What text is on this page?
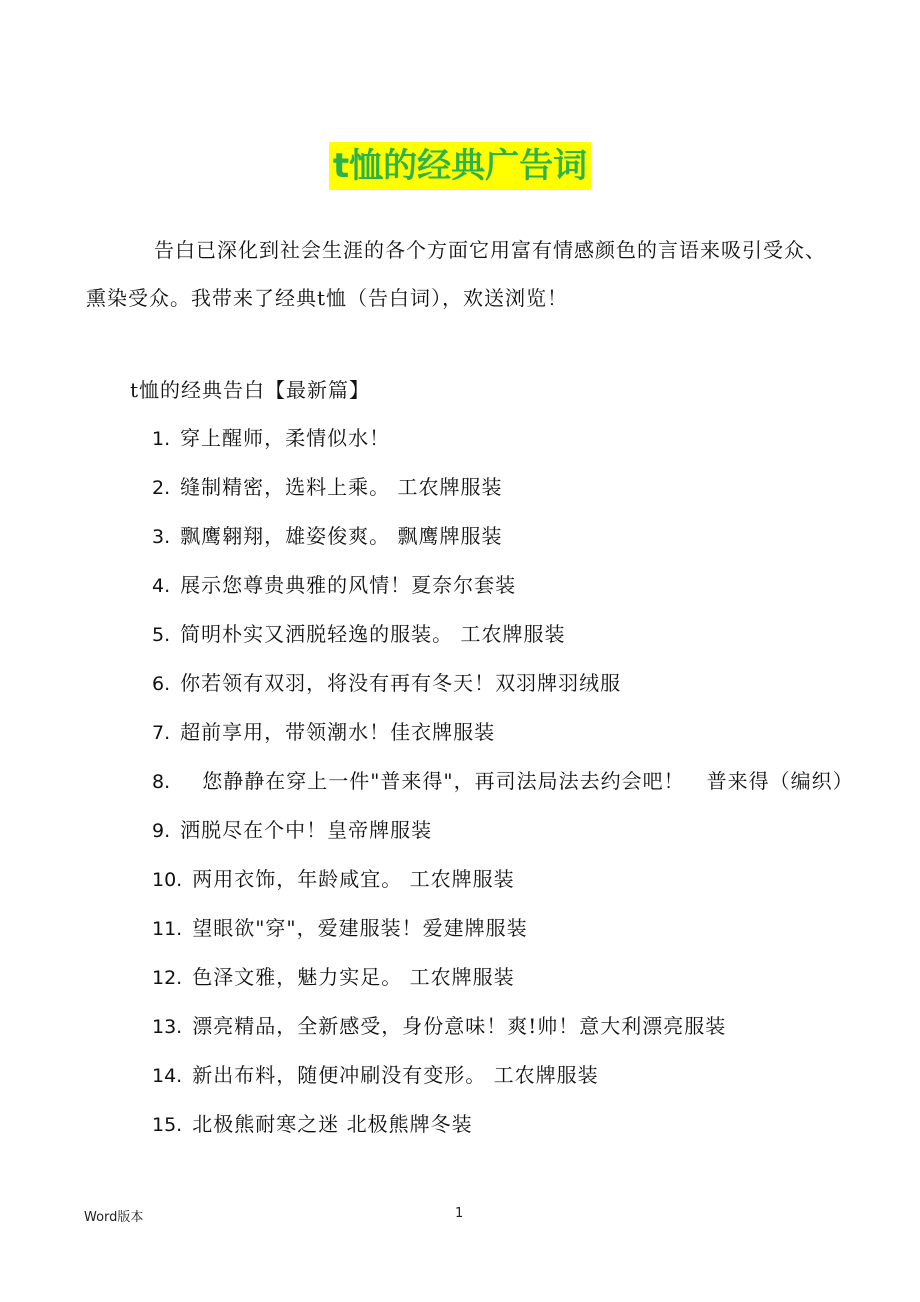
t恤的经典广告词
告白已深化到社会生涯的各个方面它用富有情感颜色的言语来吸引受众、熏染受众。我带来了经典t恤（告白词），欢送浏览！
t恤的经典告白【最新篇】
1. 穿上醒师，柔情似水！
2. 缝制精密，选料上乘。 工农牌服装
3. 飘鹰翱翔，雄姿俊爽。 飘鹰牌服装
4. 展示您尊贵典雅的风情！夏奈尔套装
5. 简明朴实又洒脱轻逸的服装。 工农牌服装
6. 你若领有双羽，将没有再有冬天！双羽牌羽绒服
7. 超前享用，带领潮水！佳衣牌服装
8.   您静静在穿上一件"普来得"，再司法局法去约会吧！   普来得（编织）
9. 洒脱尽在个中！皇帝牌服装
10. 两用衣饰，年龄咸宜。 工农牌服装
11. 望眼欲"穿"，爱建服装！爱建牌服装
12. 色泽文雅，魅力实足。 工农牌服装
13. 漂亮精品，全新感受，身份意味！爽!帅！意大利漂亮服装
14. 新出布料，随便冲刷没有变形。 工农牌服装
15. 北极熊耐寒之迷 北极熊牌冬装
Word版本	1
